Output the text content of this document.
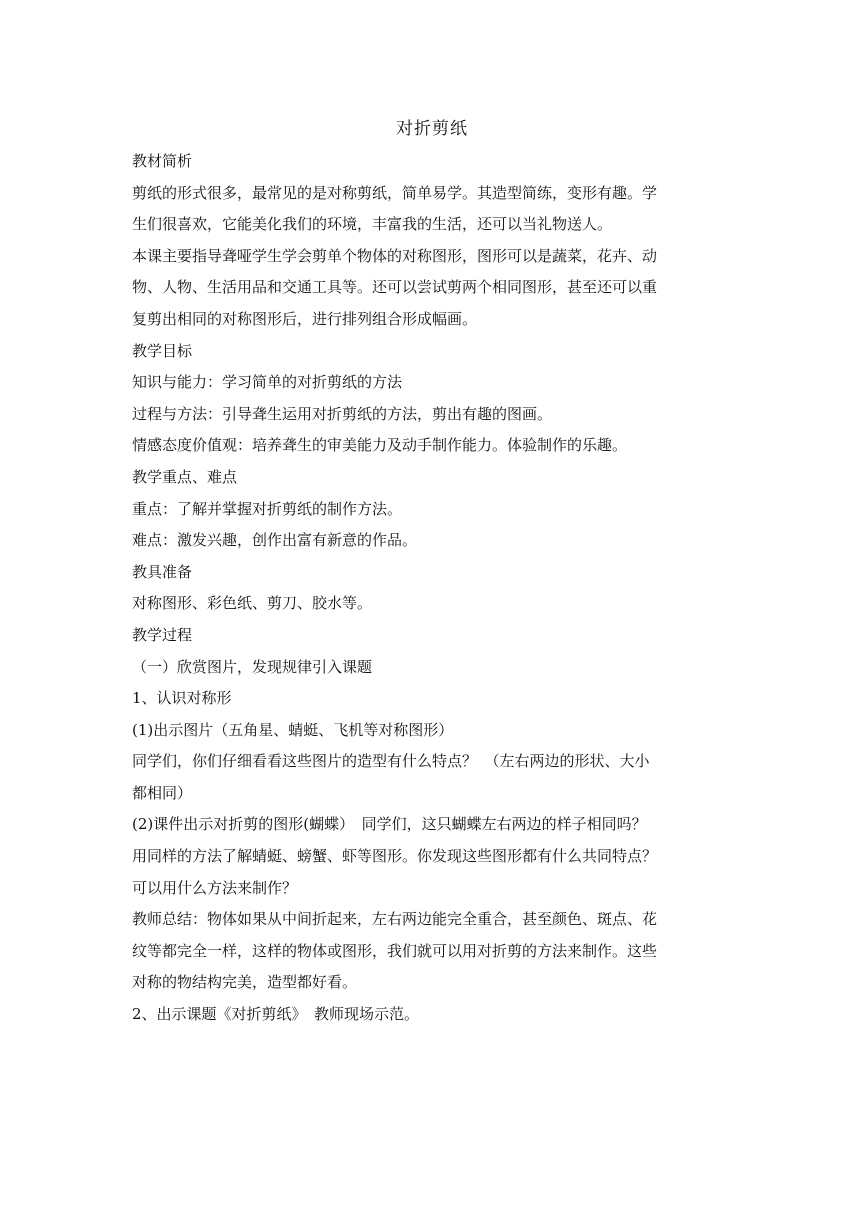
对折剪纸

教材简析

剪纸的形式很多，最常见的是对称剪纸，简单易学。其造型简练，变形有趣。学

生们很喜欢，它能美化我们的环境，丰富我的生活，还可以当礼物送人。

本课主要指导聋哑学生学会剪单个物体的对称图形，图形可以是蔬菜，花卉、动

物、人物、生活用品和交通工具等。还可以尝试剪两个相同图形，甚至还可以重

复剪出相同的对称图形后，进行排列组合形成幅画。

教学目标

知识与能力：学习简单的对折剪纸的方法

过程与方法：引导聋生运用对折剪纸的方法，剪出有趣的图画。

情感态度价值观：培养聋生的审美能力及动手制作能力。体验制作的乐趣。

教学重点、难点

重点：了解并掌握对折剪纸的制作方法。

难点：激发兴趣，创作出富有新意的作品。

教具准备

对称图形、彩色纸、剪刀、胶水等。

教学过程

（一）欣赏图片，发现规律引入课题

1、认识对称形

(1)出示图片（五角星、蜻蜓、飞机等对称图形）

同学们，你们仔细看看这些图片的造型有什么特点？　（左右两边的形状、大小

都相同）

(2)课件出示对折剪的图形(蝴蝶）　同学们，这只蝴蝶左右两边的样子相同吗？

用同样的方法了解蜻蜓、螃蟹、虾等图形。你发现这些图形都有什么共同特点？

可以用什么方法来制作？

教师总结：物体如果从中间折起来，左右两边能完全重合，甚至颜色、斑点、花

纹等都完全一样，这样的物体或图形，我们就可以用对折剪的方法来制作。这些

对称的物结构完美，造型都好看。

2、出示课题《对折剪纸》　教师现场示范。
